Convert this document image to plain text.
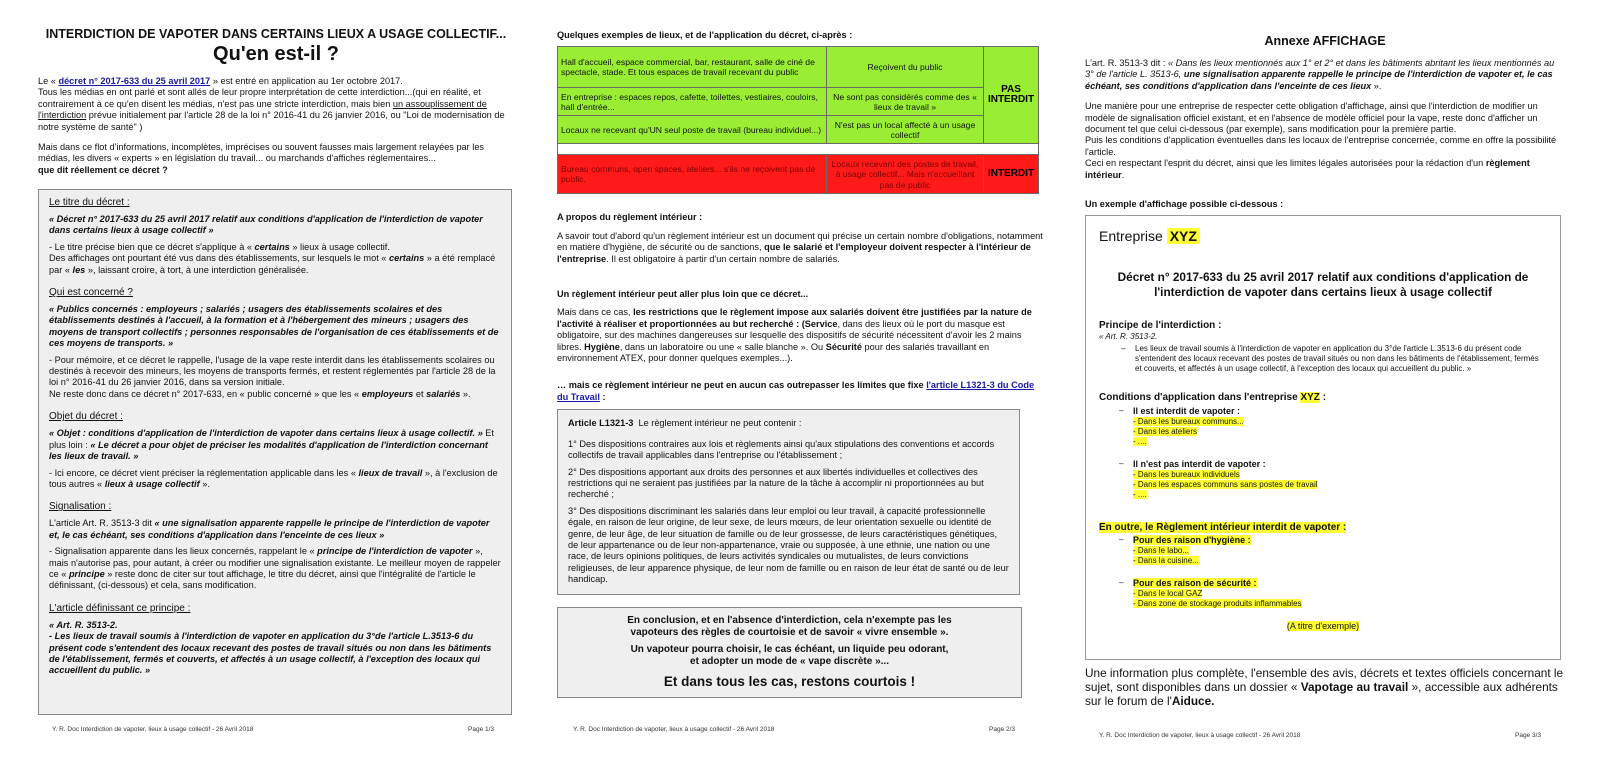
INTERDICTION DE VAPOTER DANS CERTAINS LIEUX A USAGE COLLECTIF...
Qu'en est-il ?

Le « décret n° 2017-633 du 25 avril 2017 » est entré en application au 1er octobre 2017.
Tous les médias en ont parlé et sont allés de leur propre interprétation de cette interdiction...(qui en réalité, et contrairement à ce qu'en disent les médias, n'est pas une stricte interdiction, mais bien un assouplissement de l'interdiction prévue initialement par l'article 28 de la loi n° 2016-41 du 26 janvier 2016, ou "Loi de modernisation de notre système de santé" )

Mais dans ce flot d'informations, incomplètes, imprécises ou souvent fausses mais largement relayées par les médias, les divers « experts » en législation du travail... ou marchands d'affiches réglementaires...
que dit réellement ce décret ?

Le titre du décret :

« Décret n° 2017-633 du 25 avril 2017 relatif aux conditions d'application de l'interdiction de vapoter dans certains lieux à usage collectif »

- Le titre précise bien que ce décret s'applique à « certains » lieux à usage collectif.
Des affichages ont pourtant été vus dans des établissements, sur lesquels le mot « certains » a été remplacé par « les », laissant croire, à tort, à une interdiction généralisée.

Qui est concerné ?

« Publics concernés : employeurs ; salariés ; usagers des établissements scolaires et des établissements destinés à l'accueil, à la formation et à l'hébergement des mineurs ; usagers des moyens de transport collectifs ; personnes responsables de l'organisation de ces établissements et de ces moyens de transports. »

- Pour mémoire, et ce décret le rappelle, l'usage de la vape reste interdit dans les établissements scolaires ou destinés à recevoir des mineurs, les moyens de transports fermés, et restent réglementés par l'article 28 de la loi n° 2016-41 du 26 janvier 2016, dans sa version initiale.
Ne reste donc dans ce décret n° 2017-633, en « public concerné » que les « employeurs et salariés ».

Objet du décret :

« Objet : conditions d'application de l'interdiction de vapoter dans certains lieux à usage collectif. » Et plus loin : « Le décret a pour objet de préciser les modalités d'application de l'interdiction concernant les lieux de travail. »

- Ici encore, ce décret vient préciser la réglementation applicable dans les « lieux de travail », à l'exclusion de tous autres « lieux à usage collectif ».

Signalisation :

L'article Art. R. 3513-3 dit « une signalisation apparente rappelle le principe de l'interdiction de vapoter et, le cas échéant, ses conditions d'application dans l'enceinte de ces lieux »

- Signalisation apparente dans les lieux concernés, rappelant le « principe de l'interdiction de vapoter », mais n'autorise pas, pour autant, à créer ou modifier une signalisation existante. Le meilleur moyen de rappeler ce « principe » reste donc de citer sur tout affichage, le titre du décret, ainsi que l'intégralité de l'article le définissant, (ci-dessous) et cela, sans modification.

L'article définissant ce principe :

« Art. R. 3513-2.

- Les lieux de travail soumis à l'interdiction de vapoter en application du 3°de l'article L.3513-6 du présent code s'entendent des locaux recevant des postes de travail situés ou non dans les bâtiments de l'établissement, fermés et couverts, et affectés à un usage collectif, à l'exception des locaux qui accueillent du public. »

Y. R. Doc Interdiction de vapoter, lieux à usage collectif - 26 Avril 2018	Page 1/3

Quelques exemples de lieux, et de l'application du décret, ci-après :

Hall d'accueil, espace commercial, bar, restaurant, salle de ciné de spectacle, stade. Et tous espaces de travail recevant du public	Reçoivent du public	PAS INTERDIT
En entreprise : espaces repos, cafette, toilettes, vestiaires, couloirs, hall d'entrée...	Ne sont pas considérés comme des « lieux de travail »	
Locaux ne recevant qu'UN seul poste de travail (bureau individuel...)	N'est pas un local affecté à un usage collectif	

Bureau communs, open spaces, ateliers... s'ils ne reçoivent pas de public.	Locaux recevant des postes de travail, à usage collectif... Mais n'accueillant pas de public	INTERDIT

A propos du règlement intérieur :

A savoir tout d'abord qu'un règlement intérieur est un document qui précise un certain nombre d'obligations, notamment en matière d'hygiène, de sécurité ou de sanctions, que le salarié et l'employeur doivent respecter à l'intérieur de l'entreprise. Il est obligatoire à partir d'un certain nombre de salariés.

Un règlement intérieur peut aller plus loin que ce décret...

Mais dans ce cas, les restrictions que le règlement impose aux salariés doivent être justifiées par la nature de l'activité à réaliser et proportionnées au but recherché : (Service, dans des lieux où le port du masque est obligatoire, sur des machines dangereuses sur lesquelle des dispositifs de sécurité nécessitent d'avoir les 2 mains libres. Hygiène, dans un laboratoire ou une « salle blanche ». Ou Sécurité pour des salariés travaillant en environnement ATEX, pour donner quelques exemples...).

… mais ce règlement intérieur ne peut en aucun cas outrepasser les limites que fixe l'article L1321-3 du Code du Travail :

Article L1321-3 Le règlement intérieur ne peut contenir :

1° Des dispositions contraires aux lois et règlements ainsi qu'aux stipulations des conventions et accords collectifs de travail applicables dans l'entreprise ou l'établissement ;

2° Des dispositions apportant aux droits des personnes et aux libertés individuelles et collectives des restrictions qui ne seraient pas justifiées par la nature de la tâche à accomplir ni proportionnées au but recherché ;

3° Des dispositions discriminant les salariés dans leur emploi ou leur travail, à capacité professionnelle égale, en raison de leur origine, de leur sexe, de leurs mœurs, de leur orientation sexuelle ou identité de genre, de leur âge, de leur situation de famille ou de leur grossesse, de leurs caractéristiques génétiques, de leur appartenance ou de leur non-appartenance, vraie ou supposée, à une ethnie, une nation ou une race, de leurs opinions politiques, de leurs activités syndicales ou mutualistes, de leurs convictions religieuses, de leur apparence physique, de leur nom de famille ou en raison de leur état de santé ou de leur handicap.

En conclusion, et en l'absence d'interdiction, cela n'exempte pas les vapoteurs des règles de courtoisie et de savoir « vivre ensemble ».

Un vapoteur pourra choisir, le cas échéant, un liquide peu odorant, et adopter un mode de « vape discrète »...

Et dans tous les cas, restons courtois !

Y. R. Doc Interdiction de vapoter, lieux à usage collectif - 26 Avril 2018	Page 2/3
Annexe AFFICHAGE

L'art. R. 3513-3 dit : « Dans les lieux mentionnés aux 1° et 2° et dans les bâtiments abritant les lieux mentionnés au 3° de l'article L. 3513-6, une signalisation apparente rappelle le principe de l'interdiction de vapoter et, le cas échéant, ses conditions d'application dans l'enceinte de ces lieux ».

Une manière pour une entreprise de respecter cette obligation d'affichage, ainsi que l'interdiction de modifier un modèle de signalisation officiel existant, et en l'absence de modèle officiel pour la vape, reste donc d'afficher un document tel que celui ci-dessous (par exemple), sans modification pour la première partie.
Puis les conditions d'application éventuelles dans les locaux de l'entreprise concernée, comme en offre la possibilité l'article.
Ceci en respectant l'esprit du décret, ainsi que les limites légales autorisées pour la rédaction d'un règlement intérieur.

Un exemple d'affichage possible ci-dessous :

Entreprise XYZ

Décret n° 2017-633 du 25 avril 2017 relatif aux conditions d'application de l'interdiction de vapoter dans certains lieux à usage collectif

Principe de l'interdiction :

« Art. R. 3513-2.

– Les lieux de travail soumis à l'interdiction de vapoter en application du 3°de l'article L.3513-6 du présent code s'entendent des locaux recevant des postes de travail situés ou non dans les bâtiments de l'établissement, fermés et couverts, et affectés à un usage collectif, à l'exception des locaux qui accueillent du public. »

Conditions d'application dans l'entreprise XYZ :

– Il est interdit de vapoter :
- Dans les bureaux communs...
- Dans les ateliers
- ....
– Il n'est pas interdit de vapoter :
- Dans les bureaux individuels
- Dans les espaces communs sans postes de travail
- ....

En outre, le Règlement intérieur interdit de vapoter :

– Pour des raison d'hygiène :
- Dans le labo...
- Dans la cuisine...
– Pour des raison de sécurité :
- Dans le local GAZ
- Dans zone de stockage produits inflammables

(A titre d'exemple)

Une information plus complète, l'ensemble des avis, décrets et textes officiels concernant le sujet, sont disponibles dans un dossier « Vapotage au travail », accessible aux adhérents sur le forum de l'Aiduce.

Y. R. Doc Interdiction de vapoter, lieux à usage collectif - 26 Avril 2018	Page 3/3
